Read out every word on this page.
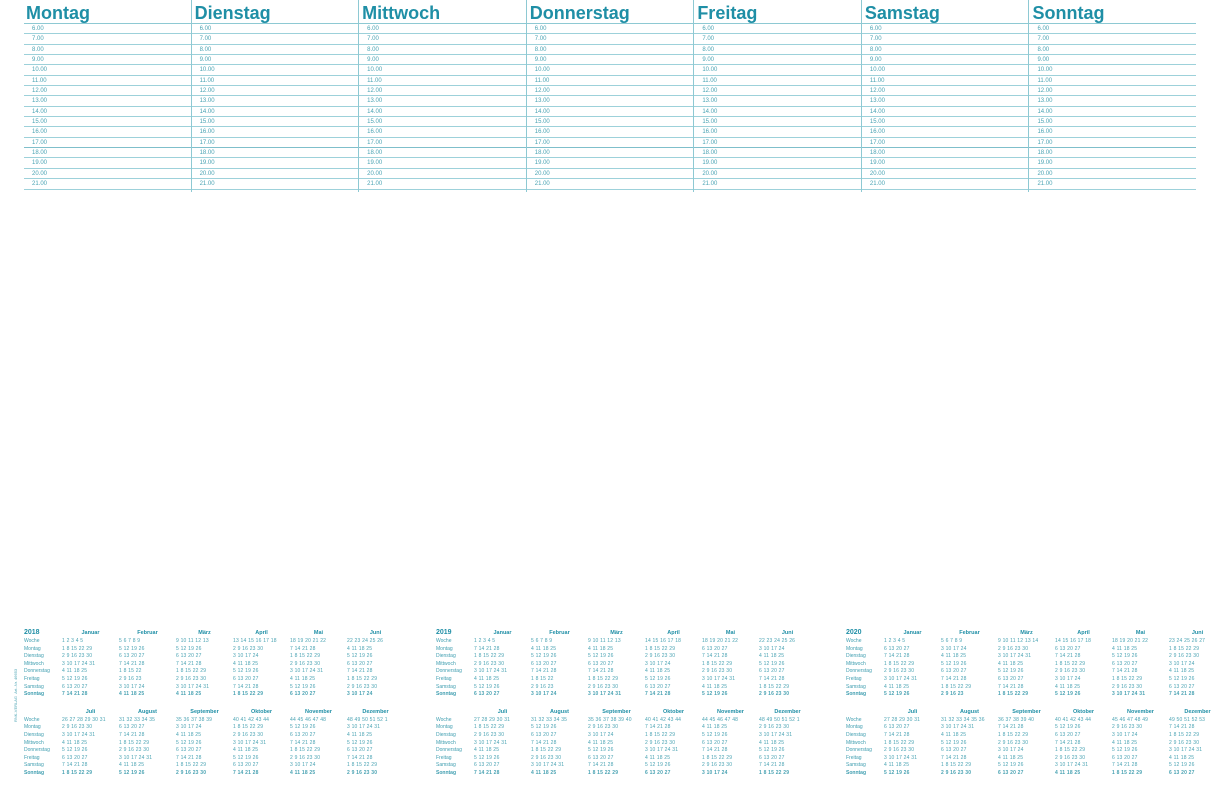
Montag
6.00
7.00
8.00
9.00
10.00
11.00
12.00
13.00
14.00
15.00
16.00
17.00
18.00
19.00
20.00
21.00
Dienstag
6.00
7.00
8.00
9.00
10.00
11.00
12.00
13.00
14.00
15.00
16.00
17.00
18.00
19.00
20.00
21.00
Mittwoch
6.00
7.00
8.00
9.00
10.00
11.00
12.00
13.00
14.00
15.00
16.00
17.00
18.00
19.00
20.00
21.00
Donnerstag
6.00
7.00
8.00
9.00
10.00
11.00
12.00
13.00
14.00
15.00
16.00
17.00
18.00
19.00
20.00
21.00
Freitag
6.00
7.00
8.00
9.00
10.00
11.00
12.00
13.00
14.00
15.00
16.00
17.00
18.00
19.00
20.00
21.00
Samstag
6.00
7.00
8.00
9.00
10.00
11.00
12.00
13.00
14.00
15.00
16.00
17.00
18.00
19.00
20.00
21.00
Sonntag
6.00
7.00
8.00
9.00
10.00
11.00
12.00
13.00
14.00
15.00
16.00
17.00
18.00
19.00
20.00
21.00
2018
Woche
Montag
Dienstag
Mittwoch
Donnerstag
Freitag
Samstag
Sonntag
Januar
1 2 3 4 5
1 8 15 22 29
2 9 16 23 30
3 10 17 24 31
4 11 18 25
5 12 19 26
6 13 20 27
7 14 21 28
Februar
5 6 7 8 9
5 12 19 26
6 13 20 27
7 14 21 28
1 8 15 22
2 9 16 23
3 10 17 24
4 11 18 25
März
9 10 11 12 13
5 12 19 26
6 13 20 27
7 14 21 28
1 8 15 22 29
2 9 16 23 30
3 10 17 24 31
4 11 18 25
April
13 14 15 16 17 18
2 9 16 23 30
3 10 17 24
4 11 18 25
5 12 19 26
6 13 20 27
7 14 21 28
1 8 15 22 29
Mai
18 19 20 21 22
7 14 21 28
1 8 15 22 29
2 9 16 23 30
3 10 17 24 31
4 11 18 25
5 12 19 26
6 13 20 27
Juni
22 23 24 25 26
4 11 18 25
5 12 19 26
6 13 20 27
7 14 21 28
1 8 15 22 29
2 9 16 23 30
3 10 17 24
Woche
Montag
Dienstag
Mittwoch
Donnerstag
Freitag
Samstag
Sonntag
Juli
26 27 28 29 30 31
2 9 16 23 30
3 10 17 24 31
4 11 18 25
5 12 19 26
6 13 20 27
7 14 21 28
1 8 15 22 29
August
31 32 33 34 35
6 13 20 27
7 14 21 28
1 8 15 22 29
2 9 16 23 30
3 10 17 24 31
4 11 18 25
5 12 19 26
September
35 36 37 38 39
3 10 17 24
4 11 18 25
5 12 19 26
6 13 20 27
7 14 21 28
1 8 15 22 29
2 9 16 23 30
Oktober
40 41 42 43 44
1 8 15 22 29
2 9 16 23 30
3 10 17 24 31
4 11 18 25
5 12 19 26
6 13 20 27
7 14 21 28
November
44 45 46 47 48
5 12 19 26
6 13 20 27
7 14 21 28
1 8 15 22 29
2 9 16 23 30
3 10 17 24
4 11 18 25
Dezember
48 49 50 51 52 1
3 10 17 24 31
4 11 18 25
5 12 19 26
6 13 20 27
7 14 21 28
1 8 15 22 29
2 9 16 23 30
2019
Woche
Montag
Dienstag
Mittwoch
Donnerstag
Freitag
Samstag
Sonntag
Januar
1 2 3 4 5
7 14 21 28
1 8 15 22 29
2 9 16 23 30
3 10 17 24 31
4 11 18 25
5 12 19 26
6 13 20 27
Februar
5 6 7 8 9
4 11 18 25
5 12 19 26
6 13 20 27
7 14 21 28
1 8 15 22
2 9 16 23
3 10 17 24
März
9 10 11 12 13
4 11 18 25
5 12 19 26
6 13 20 27
7 14 21 28
1 8 15 22 29
2 9 16 23 30
3 10 17 24 31
April
14 15 16 17 18
1 8 15 22 29
2 9 16 23 30
3 10 17 24
4 11 18 25
5 12 19 26
6 13 20 27
7 14 21 28
Mai
18 19 20 21 22
6 13 20 27
7 14 21 28
1 8 15 22 29
2 9 16 23 30
3 10 17 24 31
4 11 18 25
5 12 19 26
Juni
22 23 24 25 26
3 10 17 24
4 11 18 25
5 12 19 26
6 13 20 27
7 14 21 28
1 8 15 22 29
2 9 16 23 30
Woche
Montag
Dienstag
Mittwoch
Donnerstag
Freitag
Samstag
Sonntag
Juli
27 28 29 30 31
1 8 15 22 29
2 9 16 23 30
3 10 17 24 31
4 11 18 25
5 12 19 26
6 13 20 27
7 14 21 28
August
31 32 33 34 35
5 12 19 26
6 13 20 27
7 14 21 28
1 8 15 22 29
2 9 16 23 30
3 10 17 24 31
4 11 18 25
September
35 36 37 38 39 40
2 9 16 23 30
3 10 17 24
4 11 18 25
5 12 19 26
6 13 20 27
7 14 21 28
1 8 15 22 29
Oktober
40 41 42 43 44
7 14 21 28
1 8 15 22 29
2 9 16 23 30
3 10 17 24 31
4 11 18 25
5 12 19 26
6 13 20 27
November
44 45 46 47 48
4 11 18 25
5 12 19 26
6 13 20 27
7 14 21 28
1 8 15 22 29
2 9 16 23 30
3 10 17 24
Dezember
48 49 50 51 52 1
2 9 16 23 30
3 10 17 24 31
4 11 18 25
5 12 19 26
6 13 20 27
7 14 21 28
1 8 15 22 29
2020
Woche
Montag
Dienstag
Mittwoch
Donnerstag
Freitag
Samstag
Sonntag
Januar
1 2 3 4 5
6 13 20 27
7 14 21 28
1 8 15 22 29
2 9 16 23 30
3 10 17 24 31
4 11 18 25
5 12 19 26
Februar
5 6 7 8 9
3 10 17 24
4 11 18 25
5 12 19 26
6 13 20 27
7 14 21 28
1 8 15 22 29
2 9 16 23
März
9 10 11 12 13 14
2 9 16 23 30
3 10 17 24 31
4 11 18 25
5 12 19 26
6 13 20 27
7 14 21 28
1 8 15 22 29
April
14 15 16 17 18
6 13 20 27
7 14 21 28
1 8 15 22 29
2 9 16 23 30
3 10 17 24
4 11 18 25
5 12 19 26
Mai
18 19 20 21 22
4 11 18 25
5 12 19 26
6 13 20 27
7 14 21 28
1 8 15 22 29
2 9 16 23 30
3 10 17 24 31
Juni
23 24 25 26 27
1 8 15 22 29
2 9 16 23 30
3 10 17 24
4 11 18 25
5 12 19 26
6 13 20 27
7 14 21 28
Woche
Montag
Dienstag
Mittwoch
Donnerstag
Freitag
Samstag
Sonntag
Juli
27 28 29 30 31
6 13 20 27
7 14 21 28
1 8 15 22 29
2 9 16 23 30
3 10 17 24 31
4 11 18 25
5 12 19 26
August
31 32 33 34 35 36
3 10 17 24 31
4 11 18 25
5 12 19 26
6 13 20 27
7 14 21 28
1 8 15 22 29
2 9 16 23 30
September
36 37 38 39 40
7 14 21 28
1 8 15 22 29
2 9 16 23 30
3 10 17 24
4 11 18 25
5 12 19 26
6 13 20 27
Oktober
40 41 42 43 44
5 12 19 26
6 13 20 27
7 14 21 28
1 8 15 22 29
2 9 16 23 30
3 10 17 24 31
4 11 18 25
November
45 46 47 48 49
2 9 16 23 30
3 10 17 24
4 11 18 25
5 12 19 26
6 13 20 27
7 14 21 28
1 8 15 22 29
Dezember
49 50 51 52 53
7 14 21 28
1 8 15 22 29
2 9 16 23 30
3 10 17 24 31
4 11 18 25
5 12 19 26
6 13 20 27
RNK-VERLAG  Art.-Nr. 46653
